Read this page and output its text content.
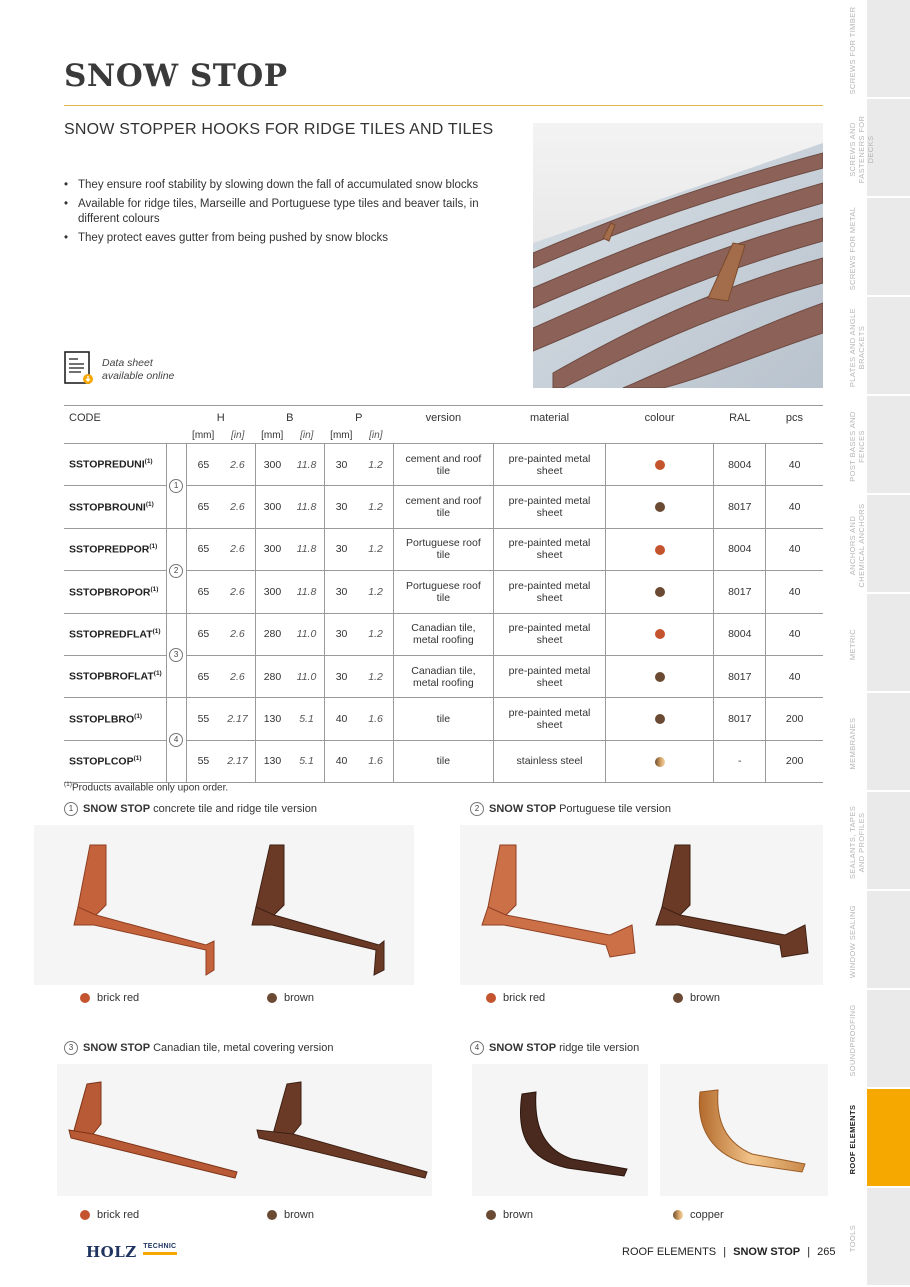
SNOW STOP
SNOW STOPPER HOOKS FOR RIDGE TILES AND TILES
• They ensure roof stability by slowing down the fall of accumulated snow blocks
• Available for ridge tiles, Marseille and Portuguese type tiles and beaver tails, in different colours
• They protect eaves gutter from being pushed by snow blocks
Data sheet
available online
CODE		H		B		P		version	material	colour	RAL	pcs
		[mm]	[in]	[mm]	[in]	[mm]	[in]					
SSTOPREDUNI$^{(1)}$	1	65	2.6	300	11.8	30	1.2	cement and roof tile	pre-painted metal sheet		8004	40
SSTOPBROUNI$^{(1)}$		65	2.6	300	11.8	30	1.2	cement and roof tile	pre-painted metal sheet		8017	40
SSTOPREDPOR$^{(1)}$	2	65	2.6	300	11.8	30	1.2	Portuguese roof tile	pre-painted metal sheet		8004	40
SSTOPBROPOR$^{(1)}$		65	2.6	300	11.8	30	1.2	Portuguese roof tile	pre-painted metal sheet		8017	40
SSTOPREDFLAT$^{(1)}$	3	65	2.6	280	11.0	30	1.2	Canadian tile, metal roofing	pre-painted metal sheet		8004	40
SSTOPBROFLAT$^{(1)}$		65	2.6	280	11.0	30	1.2	Canadian tile, metal roofing	pre-painted metal sheet		8017	40
SSTOPLBRO$^{(1)}$	4	55	2.17	130	5.1	40	1.6	tile	pre-painted metal sheet		8017	200
SSTOPLCOP$^{(1)}$		55	2.17	130	5.1	40	1.6	tile	stainless steel		-	200
$^{(1)}$Products available only upon order.
1 SNOW STOP concrete tile and ridge tile version
brick red	brown
2 SNOW STOP Portuguese tile version
brick red	brown
3 SNOW STOP Canadian tile, metal covering version
brick red	brown
4 SNOW STOP ridge tile version
brown	copper
SCREWS FOR TIMBER
SCREWS AND FASTENERS FOR DECKS
SCREWS FOR METAL
PLATES AND ANGLE BRACKETS
POST BASES AND FENCES
ANCHORS AND CHEMICAL ANCHORS
METRIC
MEMBRANES
SEALANTS, TAPES AND PROFILES
WINDOW SEALING
SOUNDPROOFING
ROOF ELEMENTS
TOOLS
HOLZ TECHNIC	ROOF ELEMENTS | SNOW STOP | 265
